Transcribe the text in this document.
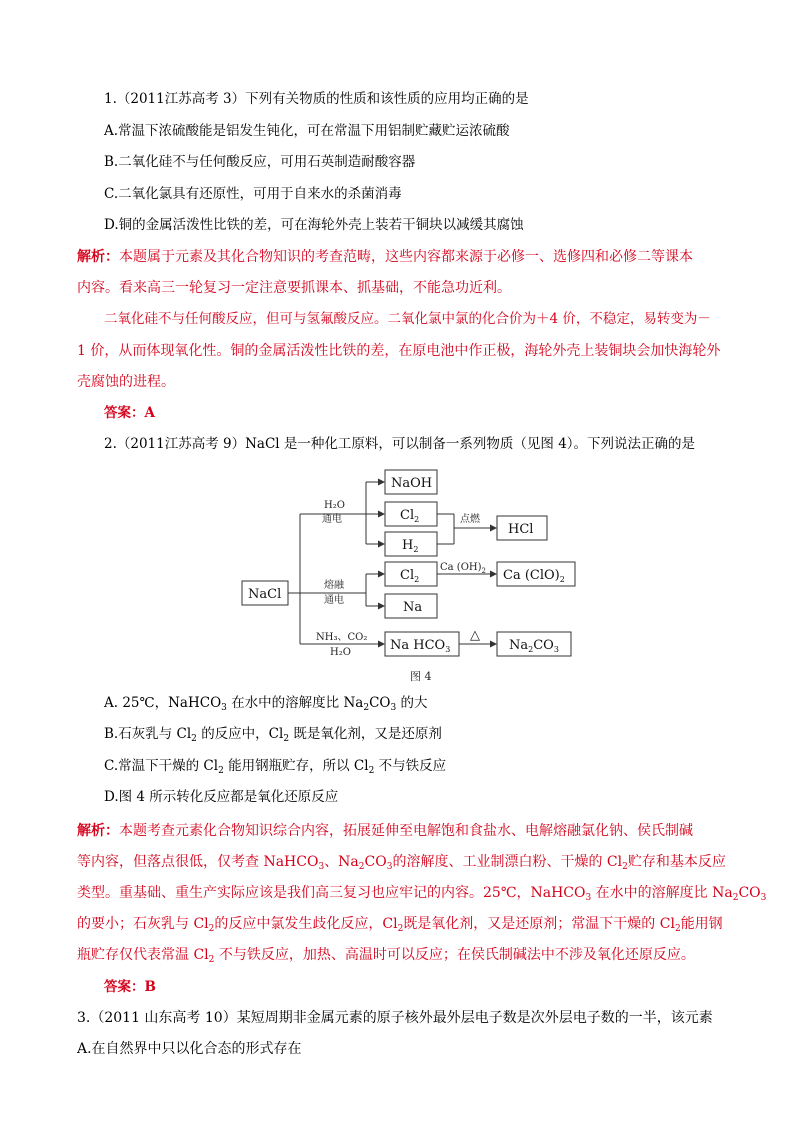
1.（2011江苏高考 3）下列有关物质的性质和该性质的应用均正确的是
A.常温下浓硫酸能是铝发生钝化，可在常温下用铝制贮藏贮运浓硫酸
B.二氧化硅不与任何酸反应，可用石英制造耐酸容器
C.二氧化氯具有还原性，可用于自来水的杀菌消毒
D.铜的金属活泼性比铁的差，可在海轮外壳上装若干铜块以减缓其腐蚀
解析：本题属于元素及其化合物知识的考查范畴，这些内容都来源于必修一、选修四和必修二等课本
内容。看来高三一轮复习一定注意要抓课本、抓基础，不能急功近利。
二氧化硅不与任何酸反应，但可与氢氟酸反应。二氧化氯中氯的化合价为＋4 价，不稳定，易转变为－
1 价，从而体现氧化性。铜的金属活泼性比铁的差，在原电池中作正极，海轮外壳上装铜块会加快海轮外
壳腐蚀的进程。
答案：A
2.（2011江苏高考 9）NaCl 是一种化工原料，可以制备一系列物质（见图 4）。下列说法正确的是
NaCl
NaOH
$Cl_2$
$H_2$
HCl
$Cl_2$
Na
Ca $(ClO)_2$
Na $HCO_3$	$Na_2CO_3$
H₂O
通电	点燃
熔融
通电
Ca $(OH)_2$
NH₃、CO₂
H₂O
△
图 4
A. 25℃，NaHCO$_3$ 在水中的溶解度比 $Na_2CO_3$ 的大
B.石灰乳与 $Cl_2$ 的反应中，$Cl_2$ 既是氧化剂，又是还原剂
C.常温下干燥的 $Cl_2$ 能用钢瓶贮存，所以 $Cl_2$ 不与铁反应
D.图 4 所示转化反应都是氧化还原反应
解析：本题考查元素化合物知识综合内容，拓展延伸至电解饱和食盐水、电解熔融氯化钠、侯氏制碱
等内容，但落点很低，仅考查 NaHCO$_3$、$Na_2CO_3$的溶解度、工业制漂白粉、干燥的 $Cl_2$贮存和基本反应
类型。重基础、重生产实际应该是我们高三复习也应牢记的内容。25℃，NaHCO$_3$ 在水中的溶解度比 $Na_2CO_3$
的要小；石灰乳与 $Cl_2$的反应中氯发生歧化反应，$Cl_2$既是氧化剂，又是还原剂；常温下干燥的 $Cl_2$能用钢
瓶贮存仅代表常温 $Cl_2$ 不与铁反应，加热、高温时可以反应；在侯氏制碱法中不涉及氧化还原反应。
答案：B
3.（2011 山东高考 10）某短周期非金属元素的原子核外最外层电子数是次外层电子数的一半，该元素
A.在自然界中只以化合态的形式存在
